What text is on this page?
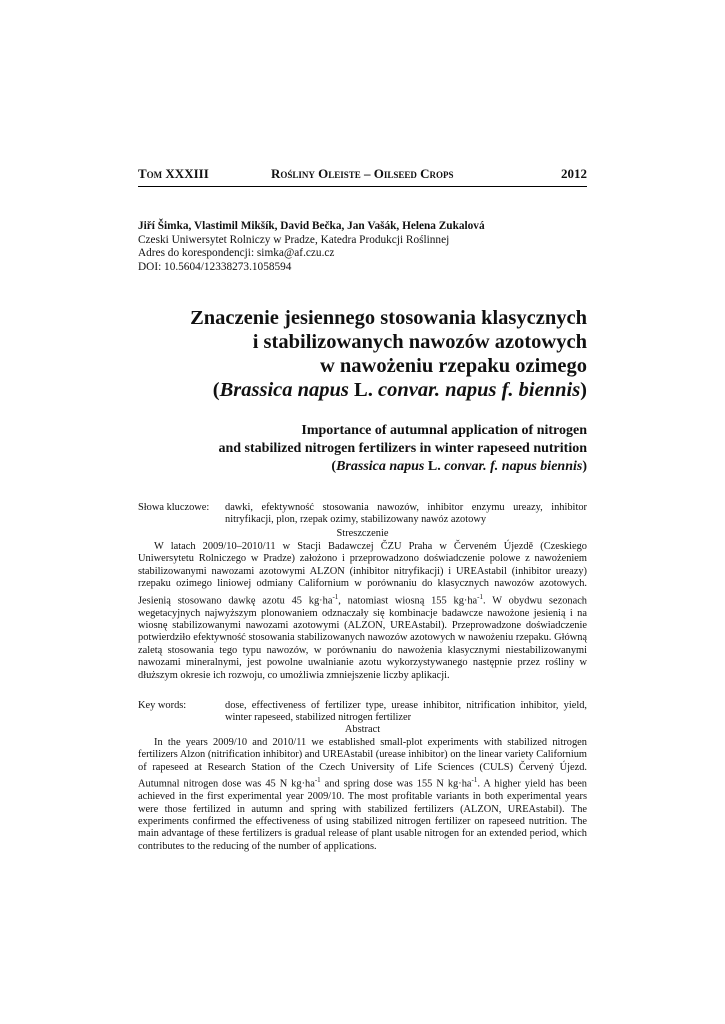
Tom XXXIII	Rośliny Oleiste – Oilseed Crops	2012
Jiří Šimka, Vlastimil Mikšík, David Bečka, Jan Vašák, Helena Zukalová
Czeski Uniwersytet Rolniczy w Pradze, Katedra Produkcji Roślinnej
Adres do korespondencji: simka@af.czu.cz
DOI: 10.5604/12338273.1058594
Znaczenie jesiennego stosowania klasycznych
i stabilizowanych nawozów azotowych
w nawożeniu rzepaku ozimego
(Brassica napus L. convar. napus f. biennis)
Importance of autumnal application of nitrogen
and stabilized nitrogen fertilizers in winter rapeseed nutrition
(Brassica napus L. convar. f. napus biennis)
Słowa kluczowe: dawki, efektywność stosowania nawozów, inhibitor enzymu ureazy, inhibitor nitryfikacji, plon, rzepak ozimy, stabilizowany nawóz azotowy
Streszczenie
W latach 2009/10–2010/11 w Stacji Badawczej ČZU Praha w Červeném Újezdě (Czeskiego Uniwersytetu Rolniczego w Pradze) założono i przeprowadzono doświadczenie polowe z nawożeniem stabilizowanymi nawozami azotowymi ALZON (inhibitor nitryfikacji) i UREAstabil (inhibitor ureazy) rzepaku ozimego liniowej odmiany Californium w porównaniu do klasycznych nawozów azotowych. Jesienią stosowano dawkę azotu 45 $kg\cdot ha^{-1}$, natomiast wiosną 155 $kg\cdot ha^{-1}$. W obydwu sezonach wegetacyjnych najwyższym plonowaniem odznaczały się kombinacje badawcze nawożone jesienią i na wiosnę stabilizowanymi nawozami azotowymi (ALZON, UREAstabil). Przeprowadzone doświadczenie potwierdziło efektywność stosowania stabilizowanych nawozów azotowych w nawożeniu rzepaku. Główną zaletą stosowania tego typu nawozów, w porównaniu do nawożenia klasycznymi niestabilizowanymi nawozami mineralnymi, jest powolne uwalnianie azotu wykorzystywanego następnie przez rośliny w dłuższym okresie ich rozwoju, co umożliwia zmniejszenie liczby aplikacji.
Key words:	dose, effectiveness of fertilizer type, urease inhibitor, nitrification inhibitor, yield, winter rapeseed, stabilized nitrogen fertilizer
Abstract
In the years 2009/10 and 2010/11 we established small-plot experiments with stabilized nitrogen fertilizers Alzon (nitrification inhibitor) and UREAstabil (urease inhibitor) on the linear variety Californium of rapeseed at Research Station of the Czech University of Life Sciences (CULS) Červený Újezd. Autumnal nitrogen dose was 45 N $kg\cdot ha^{-1}$ and spring dose was 155 N $kg\cdot ha^{-1}$. A higher yield has been achieved in the first experimental year 2009/10. The most profitable variants in both experimental years were those fertilized in autumn and spring with stabilized fertilizers (ALZON, UREAstabil). The experiments confirmed the effectiveness of using stabilized nitrogen fertilizer on rapeseed nutrition. The main advantage of these fertilizers is gradual release of plant usable nitrogen for an extended period, which contributes to the reducing of the number of applications.
